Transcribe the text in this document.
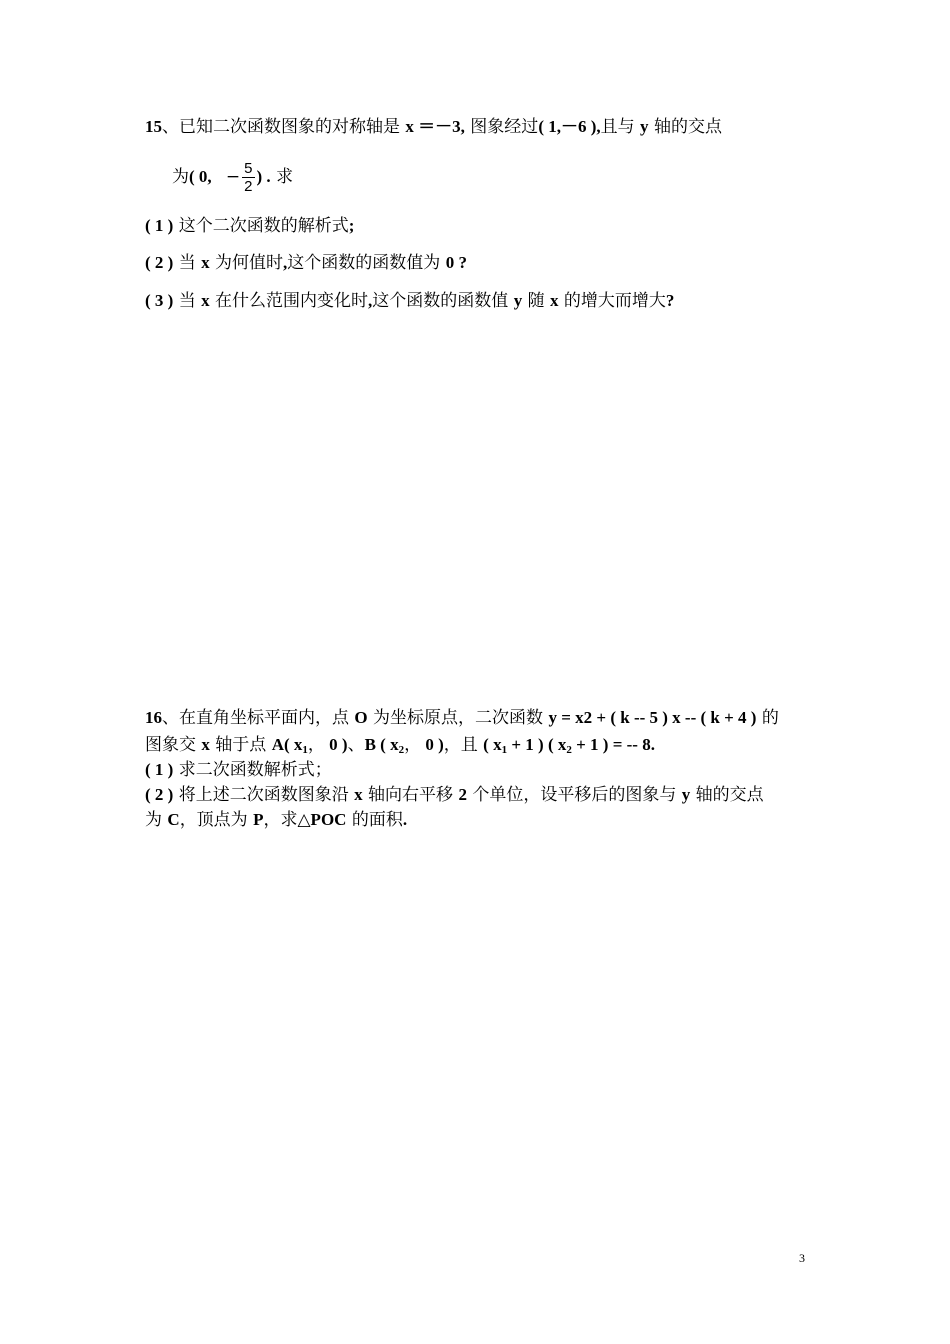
15、已知二次函数图象的对称轴是 x ＝－3, 图象经过( 1,－6 ),且与 y 轴的交点
为( 0, − $\frac{5}{2}$ ) . 求
( 1 ) 这个二次函数的解析式;
( 2 ) 当 x 为何值时,这个函数的函数值为 0 ?
( 3 ) 当 x 在什么范围内变化时,这个函数的函数值 y 随 x 的增大而增大?
16、在直角坐标平面内，点 O 为坐标原点，二次函数 y = x2 + ( k -- 5 ) x -- ( k + 4 ) 的
图象交 x 轴于点 A( $x_1$， 0 )、B ( $x_2$， 0 )，且 ( $x_1 + 1$ ) ( $x_2 + 1$ ) = -- 8.
( 1 ) 求二次函数解析式；
( 2 ) 将上述二次函数图象沿 x 轴向右平移 2 个单位，设平移后的图象与 y 轴的交点
为 C，顶点为 P，求△POC 的面积.
3
